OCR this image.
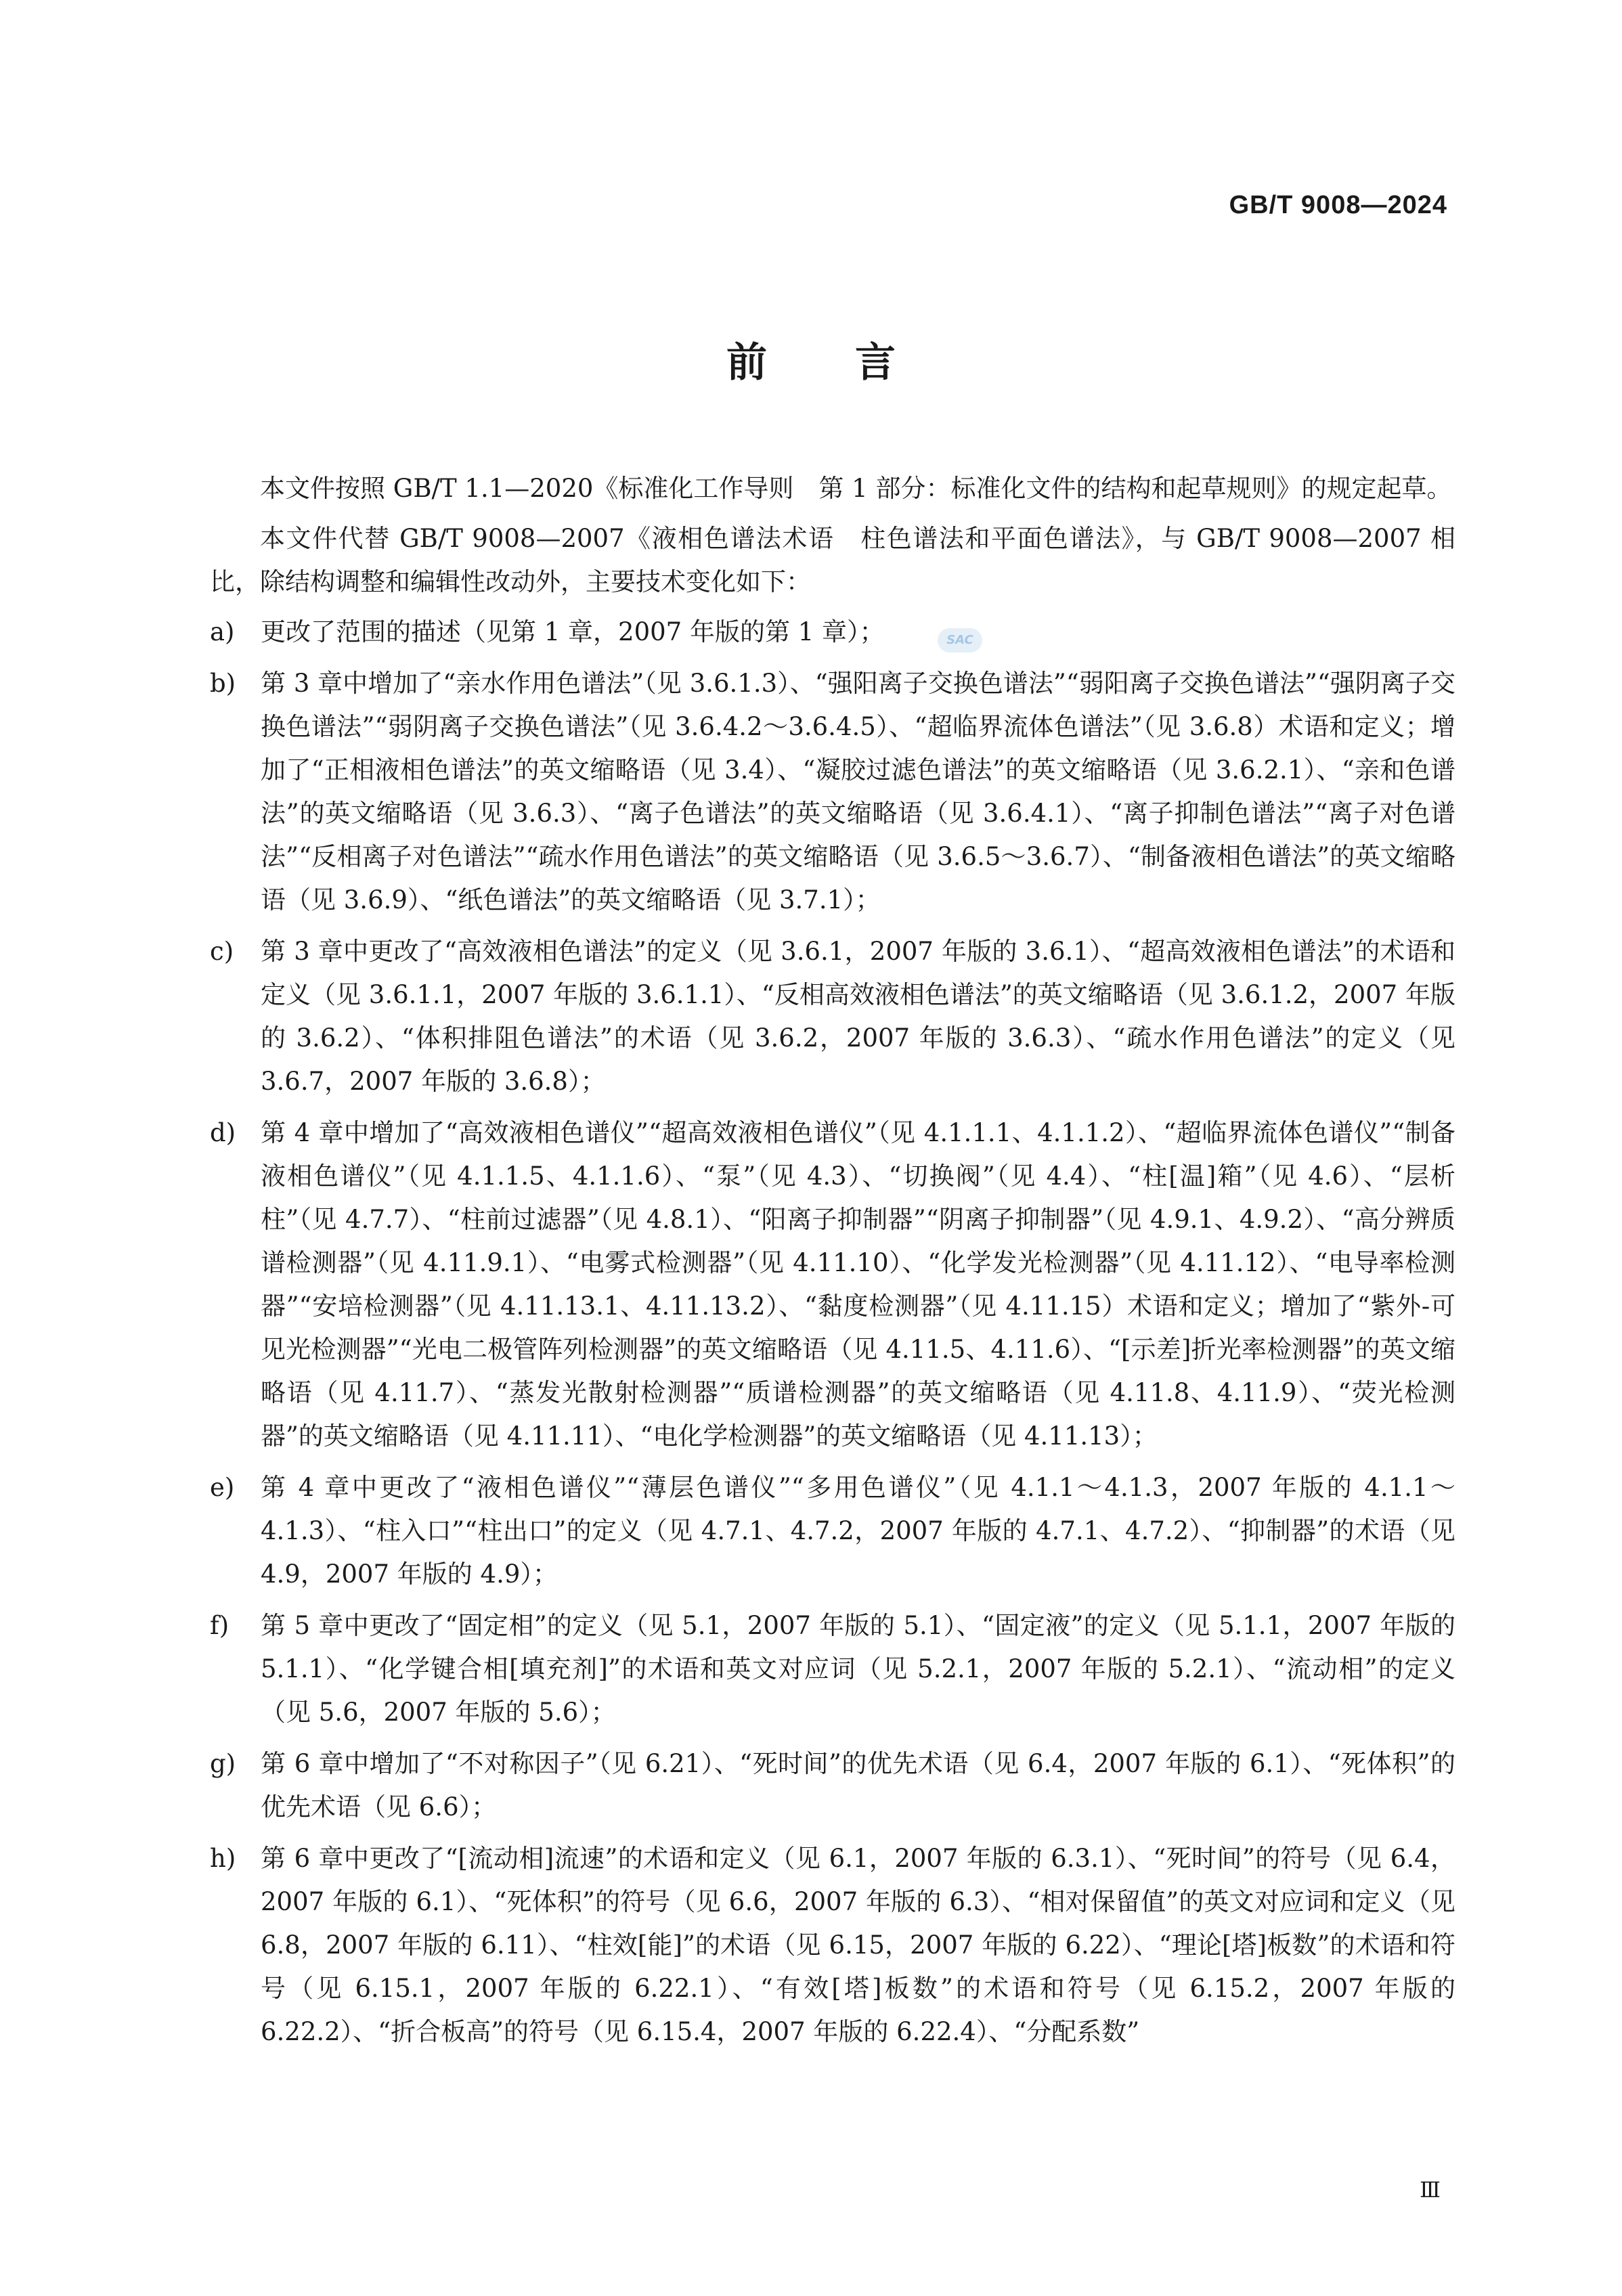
GB/T 9008—2024
前言
SAC

本文件按照 GB/T 1.1—2020《标准化工作导则　第 1 部分：标准化文件的结构和起草规则》的规定起草。

本文件代替 GB/T 9008—2007《液相色谱法术语　柱色谱法和平面色谱法》，与 GB/T 9008—2007 相比，除结构调整和编辑性改动外，主要技术变化如下：

a)	更改了范围的描述（见第 1 章，2007 年版的第 1 章）；
b) 第 3 章中增加了“亲水作用色谱法”（见 3.6.1.3）、“强阳离子交换色谱法”“弱阳离子交换色谱法”“强阴离子交换色谱法”“弱阴离子交换色谱法”（见 3.6.4.2～3.6.4.5）、“超临界流体色谱法”（见 3.6.8）术语和定义；增加了“正相液相色谱法”的英文缩略语（见 3.4）、“凝胶过滤色谱法”的英文缩略语（见 3.6.2.1）、“亲和色谱法”的英文缩略语（见 3.6.3）、“离子色谱法”的英文缩略语（见 3.6.4.1）、“离子抑制色谱法”“离子对色谱法”“反相离子对色谱法”“疏水作用色谱法”的英文缩略语（见 3.6.5～3.6.7）、“制备液相色谱法”的英文缩略语（见 3.6.9）、“纸色谱法”的英文缩略语（见 3.7.1）；
c)	第 3 章中更改了“高效液相色谱法”的定义（见 3.6.1，2007 年版的 3.6.1）、“超高效液相色谱法”的术语和定义（见 3.6.1.1，2007 年版的 3.6.1.1）、“反相高效液相色谱法”的英文缩略语（见 3.6.1.2，2007 年版的 3.6.2）、“体积排阻色谱法”的术语（见 3.6.2，2007 年版的 3.6.3）、“疏水作用色谱法”的定义（见 3.6.7，2007 年版的 3.6.8）；
d) 第 4 章中增加了“高效液相色谱仪”“超高效液相色谱仪”（见 4.1.1.1、4.1.1.2）、“超临界流体色谱仪”“制备液相色谱仪”（见 4.1.1.5、4.1.1.6）、“泵”（见 4.3）、“切换阀”（见 4.4）、“柱[温]箱”（见 4.6）、“层析柱”（见 4.7.7）、“柱前过滤器”（见 4.8.1）、“阳离子抑制器”“阴离子抑制器”（见 4.9.1、4.9.2）、“高分辨质谱检测器”（见 4.11.9.1）、“电雾式检测器”（见 4.11.10）、“化学发光检测器”（见 4.11.12）、“电导率检测器”“安培检测器”（见 4.11.13.1、4.11.13.2）、“黏度检测器”（见 4.11.15）术语和定义；增加了“紫外-可见光检测器”“光电二极管阵列检测器”的英文缩略语（见 4.11.5、4.11.6）、“[示差]折光率检测器”的英文缩略语（见 4.11.7）、“蒸发光散射检测器”“质谱检测器”的英文缩略语（见 4.11.8、4.11.9）、“荧光检测器”的英文缩略语（见 4.11.11）、“电化学检测器”的英文缩略语（见 4.11.13）；
e)	第 4 章中更改了“液相色谱仪”“薄层色谱仪”“多用色谱仪”（见 4.1.1～4.1.3，2007 年版的 4.1.1～4.1.3）、“柱入口”“柱出口”的定义（见 4.7.1、4.7.2，2007 年版的 4.7.1、4.7.2）、“抑制器”的术语（见 4.9，2007 年版的 4.9）；
f)	第 5 章中更改了“固定相”的定义（见 5.1，2007 年版的 5.1）、“固定液”的定义（见 5.1.1，2007 年版的 5.1.1）、“化学键合相[填充剂]”的术语和英文对应词（见 5.2.1，2007 年版的 5.2.1）、“流动相”的定义（见 5.6，2007 年版的 5.6）；
g) 第 6 章中增加了“不对称因子”（见 6.21）、“死时间”的优先术语（见 6.4，2007 年版的 6.1）、“死体积”的优先术语（见 6.6）；
h) 第 6 章中更改了“[流动相]流速”的术语和定义（见 6.1，2007 年版的 6.3.1）、“死时间”的符号（见 6.4，2007 年版的 6.1）、“死体积”的符号（见 6.6，2007 年版的 6.3）、“相对保留值”的英文对应词和定义（见 6.8，2007 年版的 6.11）、“柱效[能]”的术语（见 6.15，2007 年版的 6.22）、“理论[塔]板数”的术语和符号（见 6.15.1，2007 年版的 6.22.1）、“有效[塔]板数”的术语和符号（见 6.15.2，2007 年版的 6.22.2）、“折合板高”的符号（见 6.15.4，2007 年版的 6.22.4）、“分配系数”
Ⅲ
